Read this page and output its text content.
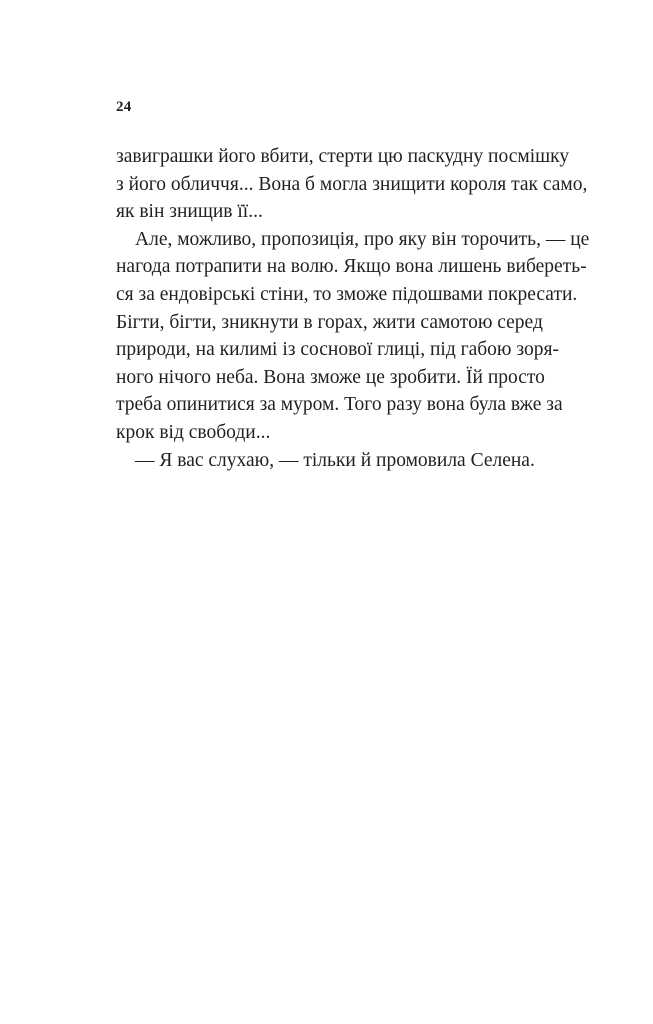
24
завиграшки його вбити, стерти цю паскудну посмішку
з його обличчя... Вона б могла знищити короля так само,
як він знищив її...
Але, можливо, пропозиція, про яку він торочить, — це
нагода потрапити на волю. Якщо вона лишень вибереть-
ся за ендовірські стіни, то зможе підошвами покресати.
Бігти, бігти, зникнути в горах, жити самотою серед
природи, на килимі із соснової глиці, під габою зоря-
ного нічого неба. Вона зможе це зробити. Їй просто
треба опинитися за муром. Того разу вона була вже за
крок від свободи...
— Я вас слухаю, — тільки й промовила Селена.
